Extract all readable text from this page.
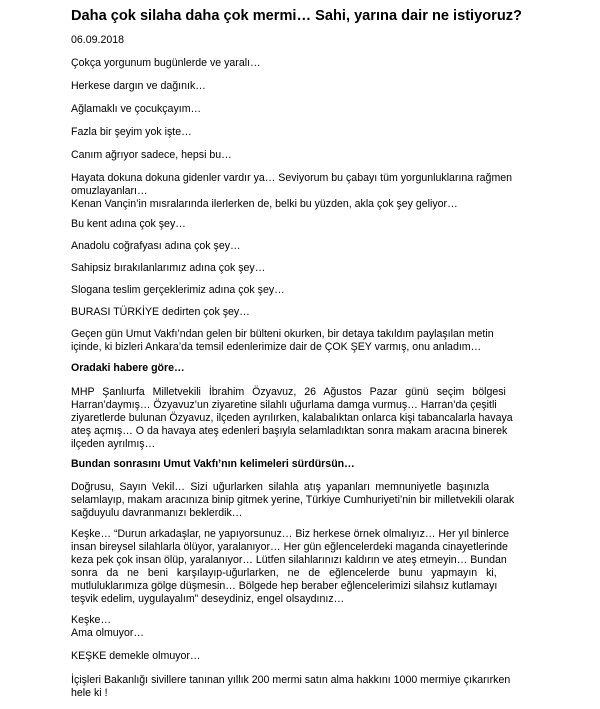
Daha çok silaha daha çok mermi… Sahi, yarına dair ne istiyoruz?
06.09.2018
Çokça yorgunum bugünlerde ve yaralı…
Herkese dargın ve dağınık…
Ağlamaklı ve çocukçayım…
Fazla bir şeyim yok işte…
Canım ağrıyor sadece, hepsi bu…
Hayata dokuna dokuna gidenler vardır ya… Seviyorum bu çabayı tüm yorgunluklarına rağmen
omuzlayanları…
Kenan Vançin’in mısralarında ilerlerken de, belki bu yüzden, akla çok şey geliyor…
Bu kent adına çok şey…
Anadolu coğrafyası adına çok şey…
Sahipsiz bırakılanlarımız adına çok şey…
Slogana teslim gerçeklerimiz adına çok şey…
BURASI TÜRKİYE dedirten çok şey…
Geçen gün Umut Vakfı’ndan gelen bir bülteni okurken, bir detaya takıldım paylaşılan metin
içinde, ki bizleri Ankara’da temsil edenlerimize dair de ÇOK ŞEY varmış, onu anladım…
Oradaki habere göre…
MHP Şanlıurfa Milletvekili İbrahim Özyavuz, 26 Ağustos Pazar günü seçim bölgesi
Harran’daymış… Özyavuz’un ziyaretine silahlı uğurlama damga vurmuş… Harran’da çeşitli
ziyaretlerde bulunan Özyavuz, ilçeden ayrılırken, kalabalıktan onlarca kişi tabancalarla havaya
ateş açmış… O da havaya ateş edenleri başıyla selamladıktan sonra makam aracına binerek
ilçeden ayrılmış…
Bundan sonrasını Umut Vakfı’nın kelimeleri sürdürsün…
Doğrusu, Sayın Vekil… Sizi uğurlarken silahla atış yapanları memnuniyetle başınızla
selamlayıp, makam aracınıza binip gitmek yerine, Türkiye Cumhuriyeti’nin bir milletvekili olarak
sağduyulu davranmanızı beklerdik…
Keşke… “Durun arkadaşlar, ne yapıyorsunuz… Biz herkese örnek olmalıyız… Her yıl binlerce
insan bireysel silahlarla ölüyor, yaralanıyor… Her gün eğlencelerdeki maganda cinayetlerinde
keza pek çok insan ölüp, yaralanıyor… Lütfen silahlarınızı kaldırın ve ateş etmeyin… Bundan
sonra da ne beni karşılayıp-uğurlarken, ne de eğlencelerde bunu yapmayın ki,
mutluluklarımıza gölge düşmesin… Bölgede hep beraber eğlencelerimizi silahsız kutlamayı
teşvik edelim, uygulayalım” deseydiniz, engel olsaydınız…
Keşke…
Ama olmuyor…
KEŞKE demekle olmuyor…
İçişleri Bakanlığı sivillere tanınan yıllık 200 mermi satın alma hakkını 1000 mermiye çıkarırken
hele ki !
